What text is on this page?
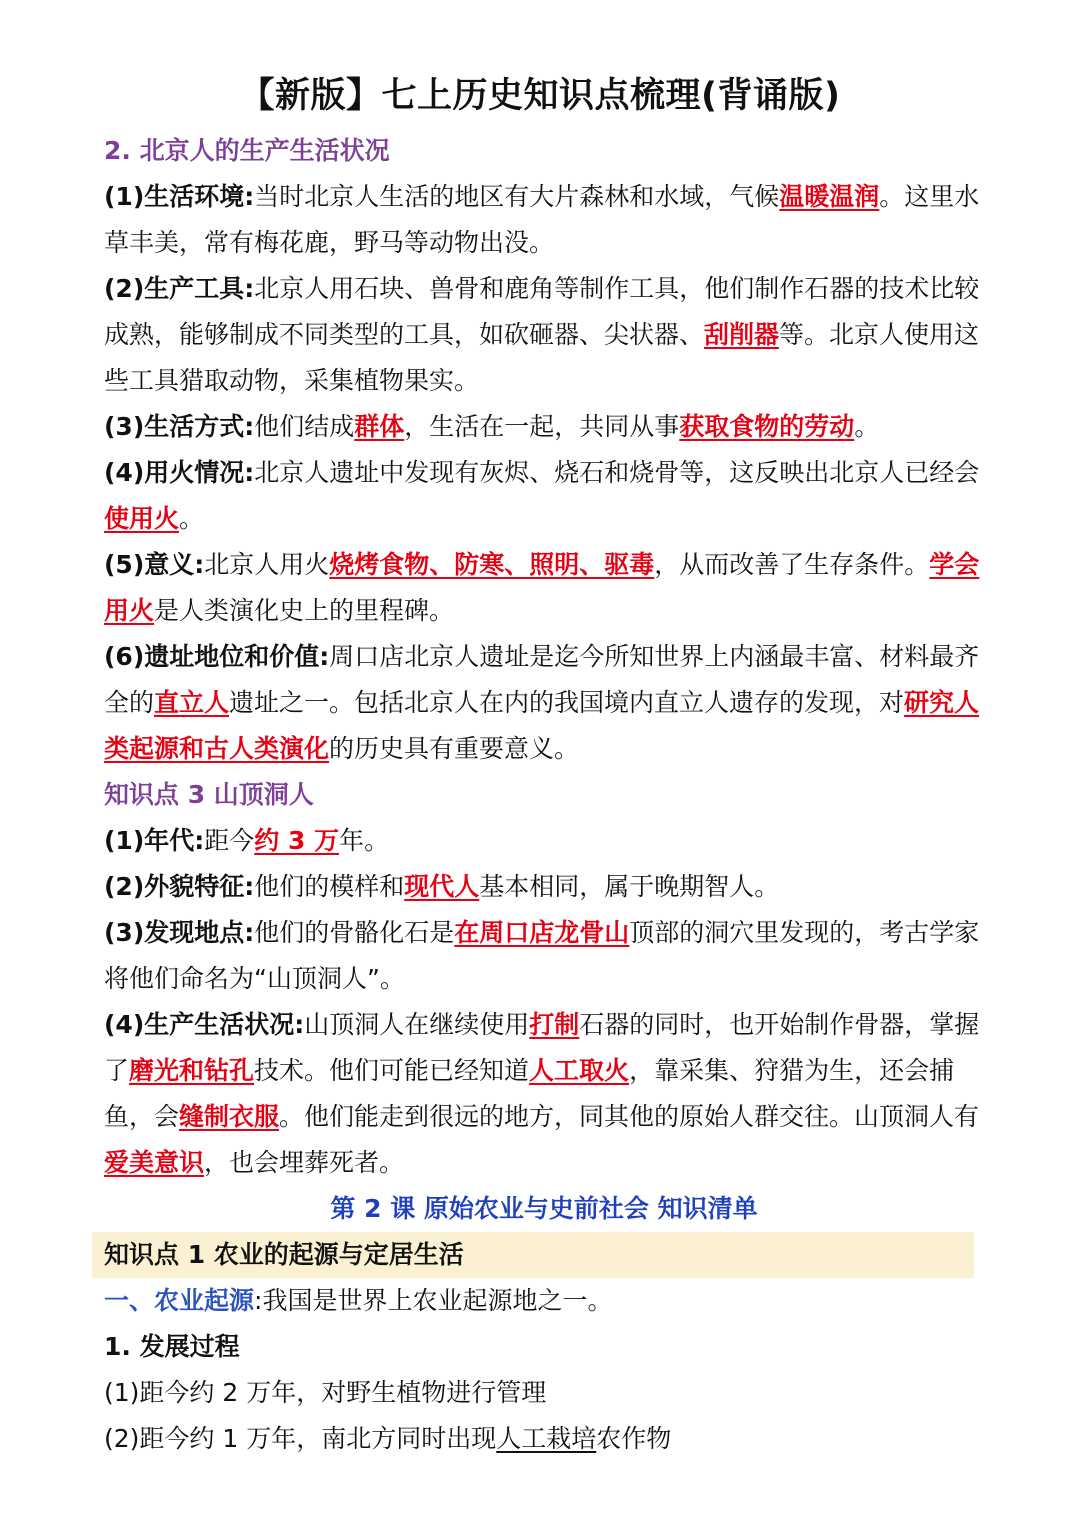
【新版】七上历史知识点梳理(背诵版)

2. 北京人的生产生活状况

(1)生活环境:当时北京人生活的地区有大片森林和水域，气候温暖温润。这里水草丰美，常有梅花鹿，野马等动物出没。

(2)生产工具:北京人用石块、兽骨和鹿角等制作工具，他们制作石器的技术比较成熟，能够制成不同类型的工具，如砍砸器、尖状器、刮削器等。北京人使用这些工具猎取动物，采集植物果实。

(3)生活方式:他们结成群体，生活在一起，共同从事获取食物的劳动。

(4)用火情况:北京人遗址中发现有灰烬、烧石和烧骨等，这反映出北京人已经会使用火。

(5)意义:北京人用火烧烤食物、防寒、照明、驱毒，从而改善了生存条件。学会用火是人类演化史上的里程碑。

(6)遗址地位和价值:周口店北京人遗址是迄今所知世界上内涵最丰富、材料最齐全的直立人遗址之一。包括北京人在内的我国境内直立人遗存的发现，对研究人类起源和古人类演化的历史具有重要意义。

知识点 3 山顶洞人

(1)年代:距今约 3 万年。

(2)外貌特征:他们的模样和现代人基本相同，属于晚期智人。

(3)发现地点:他们的骨骼化石是在周口店龙骨山顶部的洞穴里发现的，考古学家将他们命名为“山顶洞人”。

(4)生产生活状况:山顶洞人在继续使用打制石器的同时，也开始制作骨器，掌握了磨光和钻孔技术。他们可能已经知道人工取火，靠采集、狩猎为生，还会捕鱼，会缝制衣服。他们能走到很远的地方，同其他的原始人群交往。山顶洞人有爱美意识，也会埋葬死者。

第 2 课 原始农业与史前社会 知识清单

知识点 1 农业的起源与定居生活

一、农业起源:我国是世界上农业起源地之一。

1. 发展过程

(1)距今约 2 万年，对野生植物进行管理

(2)距今约 1 万年，南北方同时出现人工栽培农作物
